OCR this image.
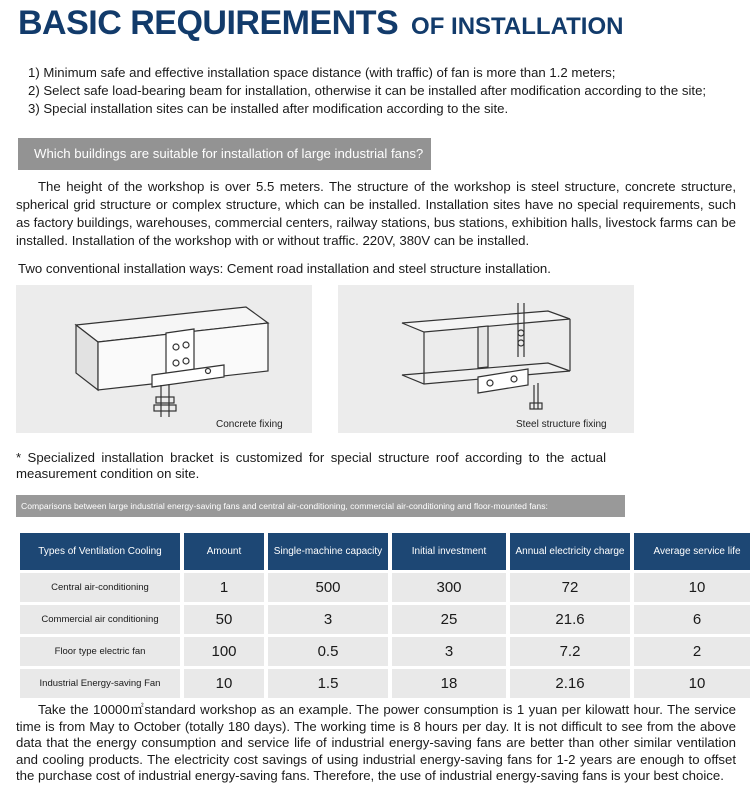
BASIC REQUIREMENTS OF INSTALLATION
1) Minimum safe and effective installation space distance (with traffic) of fan is more than 1.2 meters;
2) Select safe load-bearing beam for installation, otherwise it can be installed after modification according to the site;
3) Special installation sites can be installed after modification according to the site.
Which buildings are suitable for installation of large industrial fans?
The height of the workshop is over 5.5 meters. The structure of the workshop is steel structure, concrete structure, spherical grid structure or complex structure, which can be installed. Installation sites have no special requirements, such as factory buildings, warehouses, commercial centers, railway stations, bus stations, exhibition halls, livestock farms can be installed. Installation of the workshop with or without traffic. 220V, 380V can be installed.
Two conventional installation ways: Cement road installation and steel structure installation.
Concrete fixing	Steel structure fixing
* Specialized installation bracket is customized for special structure roof according to the actual measurement condition on site.
Comparisons between large industrial energy-saving fans and central air-conditioning, commercial air-conditioning and floor-mounted fans:
Types of Ventilation Cooling	Amount	Single-machine capacity	Initial investment	Annual electricity charge	Average service life
Central air-conditioning	1	500	300	72	10
Commercial air conditioning	50	3	25	21.6	6
Floor type electric fan	100	0.5	3	7.2	2
Industrial Energy-saving Fan	10	1.5	18	2.16	10
Take the 10000㎡standard workshop as an example. The power consumption is 1 yuan per kilowatt hour. The service time is from May to October (totally 180 days). The working time is 8 hours per day. It is not difficult to see from the above data that the energy consumption and service life of industrial energy-saving fans are better than other similar ventilation and cooling products. The electricity cost savings of using industrial energy-saving fans for 1-2 years are enough to offset the purchase cost of industrial energy-saving fans. Therefore, the use of industrial energy-saving fans is your best choice.
